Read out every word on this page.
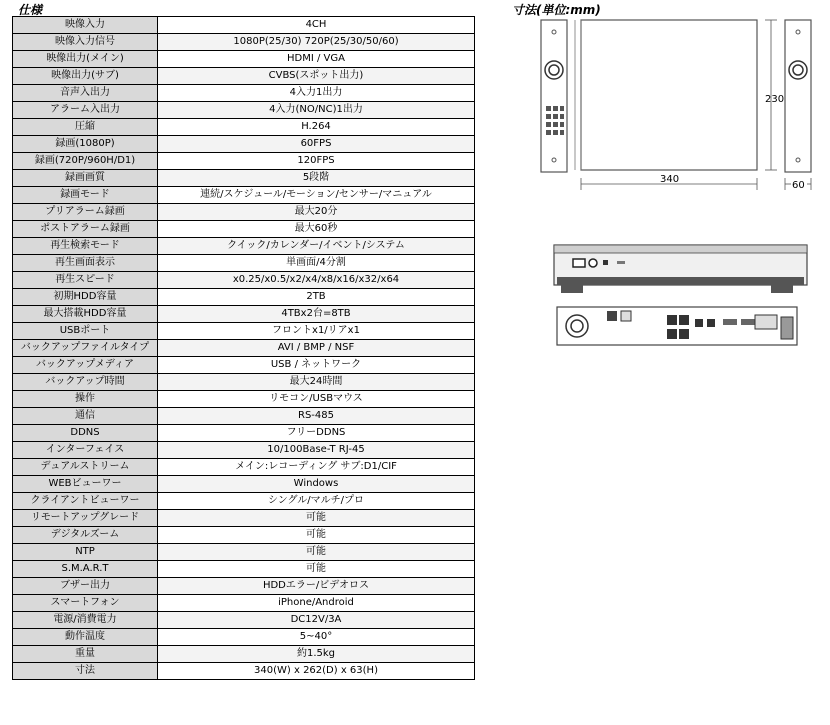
仕様	寸法(単位:mm)
映像入力	4CH
映像入力信号	1080P(25/30) 720P(25/30/50/60)
映像出力(メイン)	HDMI / VGA
映像出力(サブ)	CVBS(スポット出力)
音声入出力	4入力1出力
アラーム入出力	4入力(NO/NC)1出力
圧縮	H.264
録画(1080P)	60FPS
録画(720P/960H/D1)	120FPS
録画画質	5段階
録画モード	連続/スケジュール/モーション/センサー/マニュアル
プリアラーム録画	最大20分
ポストアラーム録画	最大60秒
再生検索モード	クイック/カレンダー/イベント/システム
再生画面表示	単画面/4分割
再生スピード	x0.25/x0.5/x2/x4/x8/x16/x32/x64
初期HDD容量	2TB
最大搭載HDD容量	4TBx2台=8TB
USBポート	フロントx1/リアx1
バックアップファイルタイプ	AVI / BMP / NSF
バックアップメディア	USB / ネットワーク
バックアップ時間	最大24時間
操作	リモコン/USBマウス
通信	RS-485
DDNS	フリーDDNS
インターフェイス	10/100Base-T RJ-45
デュアルストリーム	メイン:レコーディング サブ:D1/CIF
WEBビューワー	Windows
クライアントビューワー	シングル/マルチ/プロ
リモートアップグレード	可能
デジタルズーム	可能
NTP	可能
S.M.A.R.T	可能
ブザー出力	HDDエラー/ビデオロス
スマートフォン	iPhone/Android
電源/消費電力	DC12V/3A
動作温度	5~40°
重量	約1.5kg
寸法	340(W) x 262(D) x 63(H)
230
340
60
